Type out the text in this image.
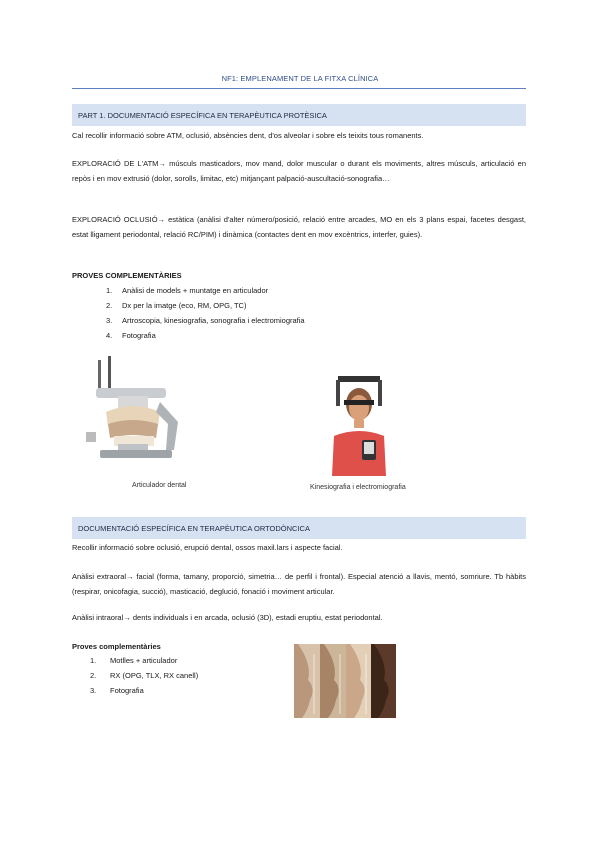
NF1: EMPLENAMENT DE LA FITXA CLÍNICA
PART 1. DOCUMENTACIÓ ESPECÍFICA EN TERAPÈUTICA PROTÈSICA
Cal recollir informació sobre ATM, oclusió, absències dent, d'os alveolar i sobre els teixits tous romanents.
EXPLORACIÓ DE L'ATM→ músculs masticadors, mov mand, dolor muscular o durant els moviments, altres músculs, articulació en repòs i en mov extrusió (dolor, sorolls, limitac, etc) mitjançant palpació-auscultació-sonografia…
EXPLORACIÓ OCLUSIÓ→ estàtica (anàlisi d'alter número/posició, relació entre arcades, MO en els 3 plans espai, facetes desgast, estat lligament periodontal, relació RC/PIM) i dinàmica (contactes dent en mov excèntrics, interfer, guies).
PROVES COMPLEMENTÀRIES
1.	Anàlisi de models + muntatge en articulador
2.	Dx per la imatge (eco, RM, OPG, TC)
3.	Artroscopia, kinesiografia, sonografia i electromiografia
4.	Fotografia
Articulador dental	Kinesiografia i electromiografia
DOCUMENTACIÓ ESPECÍFICA EN TERAPÈUTICA ORTODÒNCICA
Recollir informació sobre oclusió, erupció dental, ossos maxil.lars i aspecte facial.
Anàlisi extraoral→ facial (forma, tamany, proporció, simetria… de perfil i frontal). Especial atenció a llavis, mentó, somriure. Tb hàbits (respirar, onicofagia, succió), masticació, deglució, fonació i moviment articular.
Anàlisi intraoral→ dents individuals i en arcada, oclusió (3D), estadi eruptiu, estat periodontal.
Proves complementàries
1.	Motlles + articulador
2.	RX (OPG, TLX, RX canell)
3.	Fotografia
